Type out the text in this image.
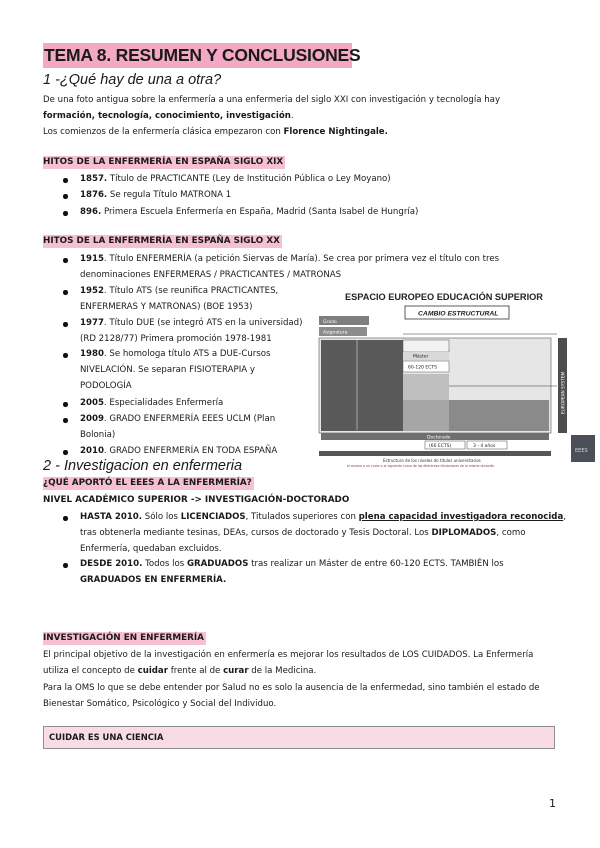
TEMA 8. RESUMEN Y CONCLUSIONES
1 -¿Qué hay de una a otra?
De una foto antigua sobre la enfermería a una enfermeria del siglo XXI con investigación y tecnología hay
formación, tecnología, conocimiento, investigación.
Los comienzos de la enfermería clásica empezaron con Florence Nightingale.
HITOS DE LA ENFERMERÍA EN ESPAÑA SIGLO XIX
1857. Título de PRACTICANTE (Ley de Institución Pública o Ley Moyano)
1876. Se regula Título MATRONA 1
896. Primera Escuela Enfermería en España, Madrid (Santa Isabel de Hungría)
HITOS DE LA ENFERMERÍA EN ESPAÑA SIGLO XX
1915. Título ENFERMERÍA (a petición Siervas de María). Se crea por primera vez el título con tres
denominaciones ENFERMERAS / PRACTICANTES / MATRONAS
1952. Título ATS (se reunifica PRACTICANTES,
ENFERMERAS Y MATRONAS) (BOE 1953)
1977. Título DUE (se integró ATS en la universidad)
(RD 2128/77) Primera promoción 1978-1981
1980. Se homologa título ATS a DUE-Cursos
NIVELACIÓN. Se separan FISIOTERAPIA y
PODOLOGÍA
2005. Especialidades Enfermería
2009. GRADO ENFERMERÍA EEES UCLM (Plan
Bolonia)
2010. GRADO ENFERMERÍA EN TODA ESPAÑA
ESPACIO EUROPEO EDUCACIÓN SUPERIOR
CAMBIO ESTRUCTURAL
Grado
Asignatura
Máster
60-120 ECTS
Doctorado
(60 ECTS)	3 - 4 años
EUROPEAN SYSTEM
Estructura de los niveles de títulos universitarios
el acceso a un curso o al siguiente curso de las diferentes titulaciones de la misma duración
EEES
2 - Investigacion en enfermeria
¿QUÉ APORTÓ EL EEES A LA ENFERMERÍA?
NIVEL ACADÉMICO SUPERIOR -> INVESTIGACIÓN-DOCTORADO
HASTA 2010. Sólo los LICENCIADOS, Titulados superiores con plena capacidad investigadora reconocida,
tras obtenerla mediante tesinas, DEAs, cursos de doctorado y Tesis Doctoral. Los DIPLOMADOS, como
Enfermería, quedaban excluidos.
DESDE 2010. Todos los GRADUADOS tras realizar un Máster de entre 60-120 ECTS. TAMBIÉN los
GRADUADOS EN ENFERMERÍA.
INVESTIGACIÓN EN ENFERMERÍA
El principal objetivo de la investigación en enfermería es mejorar los resultados de LOS CUIDADOS. La Enfermería
utiliza el concepto de cuidar frente al de curar de la Medicina.
Para la OMS lo que se debe entender por Salud no es solo la ausencia de la enfermedad, sino también el estado de
Bienestar Somático, Psicológico y Social del Individuo.
CUIDAR ES UNA CIENCIA
1
